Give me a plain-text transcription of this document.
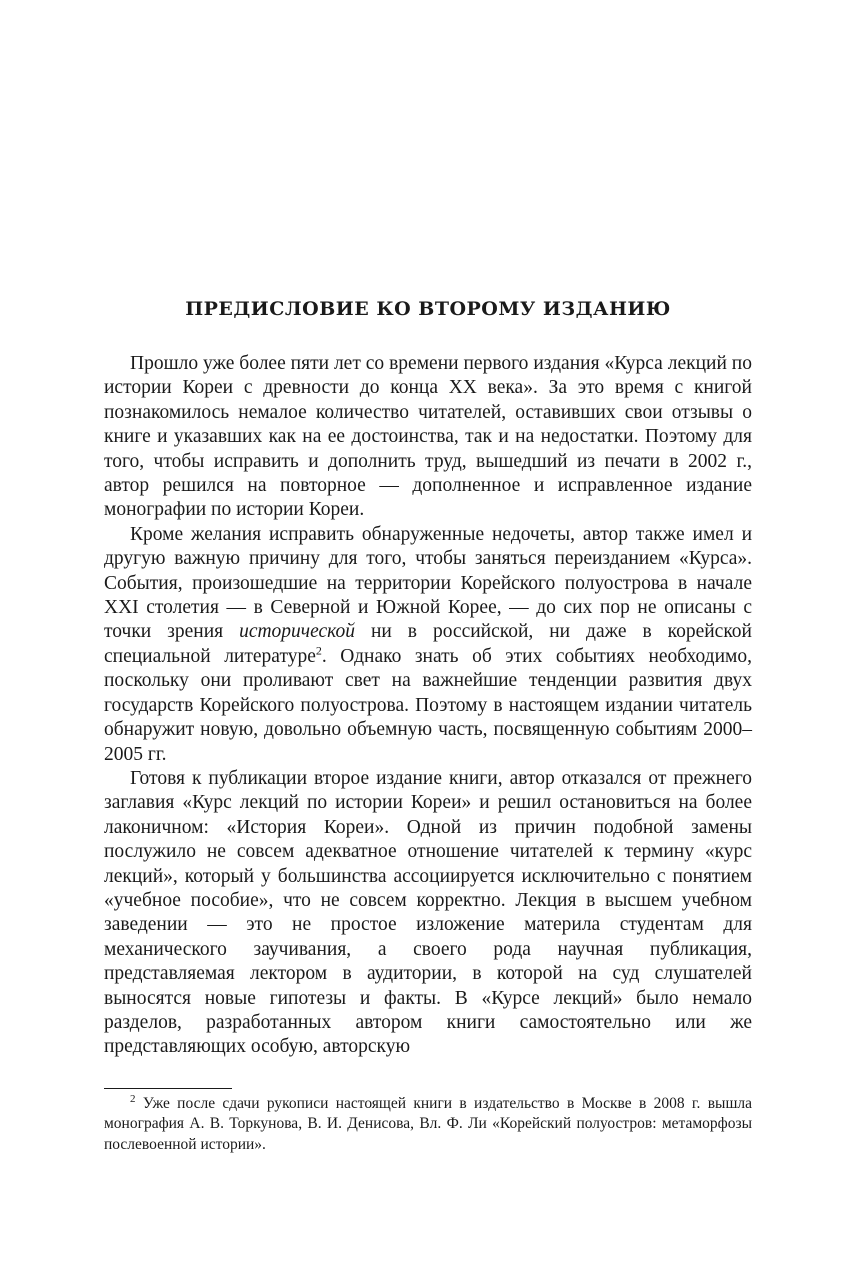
ПРЕДИСЛОВИЕ КО ВТОРОМУ ИЗДАНИЮ

Прошло уже более пяти лет со времени первого издания «Курса лекций по истории Кореи с древности до конца XX века». За это время с книгой познакомилось немалое количество читателей, оставивших свои отзывы о книге и указавших как на ее достоинства, так и на недостатки. Поэтому для того, чтобы исправить и дополнить труд, вышедший из печати в 2002 г., автор решился на повторное — дополненное и исправленное издание монографии по истории Кореи.

Кроме желания исправить обнаруженные недочеты, автор также имел и другую важную причину для того, чтобы заняться переизданием «Курса». События, произошедшие на территории Корейского полуострова в начале XXI столетия — в Северной и Южной Корее, — до сих пор не описаны с точки зрения исторической ни в российской, ни даже в корейской специальной литературе$^2$. Однако знать об этих событиях необходимо, поскольку они проливают свет на важнейшие тенденции развития двух государств Корейского полуострова. Поэтому в настоящем издании читатель обнаружит новую, довольно объемную часть, посвященную событиям 2000–2005 гг.

Готовя к публикации второе издание книги, автор отказался от прежнего заглавия «Курс лекций по истории Кореи» и решил остановиться на более лаконичном: «История Кореи». Одной из причин подобной замены послужило не совсем адекватное отношение читателей к термину «курс лекций», который у большинства ассоциируется исключительно с понятием «учебное пособие», что не совсем корректно. Лекция в высшем учебном заведении — это не простое изложение материла студентам для механического заучивания, а своего рода научная публикация, представляемая лектором в аудитории, в которой на суд слушателей выносятся новые гипотезы и факты. В «Курсе лекций» было немало разделов, разработанных автором книги самостоятельно или же представляющих особую, авторскую

$^2$ Уже после сдачи рукописи настоящей книги в издательство в Москве в 2008 г. вышла монография А. В. Торкунова, В. И. Денисова, Вл. Ф. Ли «Корейский полуостров: метаморфозы послевоенной истории».
